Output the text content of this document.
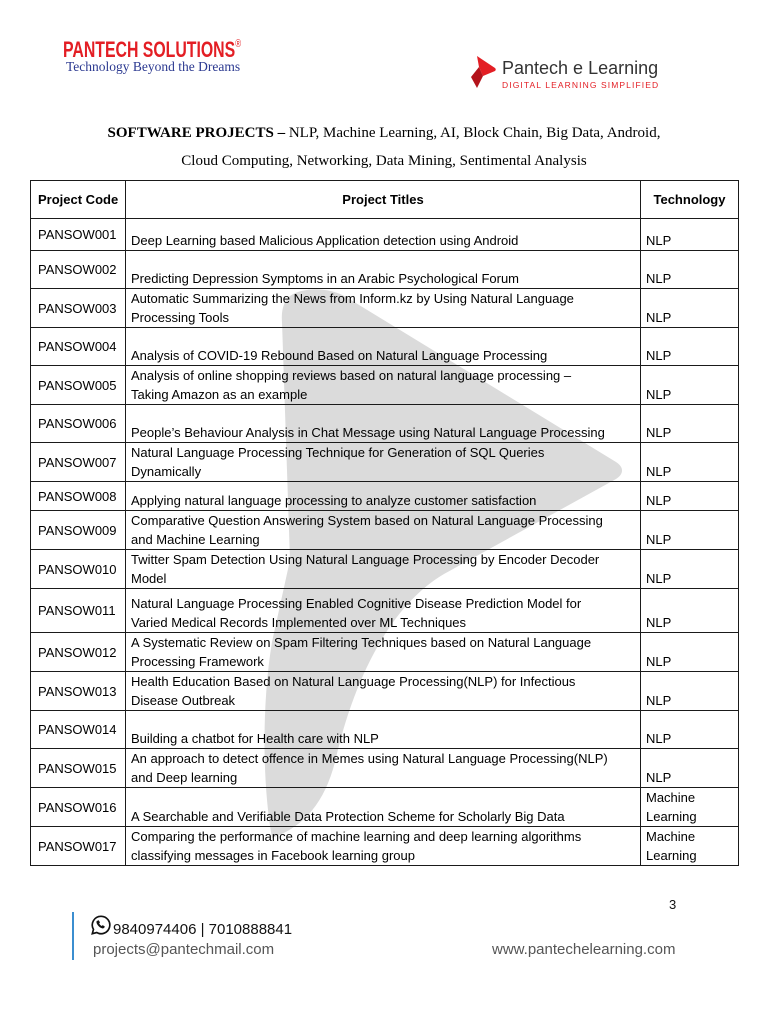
PANTECH SOLUTIONS®
Technology Beyond the Dreams	Pantech e Learning
DIGITAL LEARNING SIMPLIFIED
SOFTWARE PROJECTS – NLP, Machine Learning, AI, Block Chain, Big Data, Android,
Cloud Computing, Networking, Data Mining, Sentimental Analysis
Project Code	Project Titles	Technology
PANSOW001	Deep Learning based Malicious Application detection using Android	NLP
PANSOW002	Predicting Depression Symptoms in an Arabic Psychological Forum	NLP
PANSOW003	Automatic Summarizing the News from Inform.kz by Using Natural Language
Processing Tools	NLP
PANSOW004	Analysis of COVID-19 Rebound Based on Natural Language Processing	NLP
PANSOW005	Analysis of online shopping reviews based on natural language processing –
Taking Amazon as an example	NLP
PANSOW006	People’s Behaviour Analysis in Chat Message using Natural Language Processing	NLP
PANSOW007	Natural Language Processing Technique for Generation of SQL Queries
Dynamically	NLP
PANSOW008	Applying natural language processing to analyze customer satisfaction	NLP
PANSOW009	Comparative Question Answering System based on Natural Language Processing
and Machine Learning	NLP
PANSOW010	Twitter Spam Detection Using Natural Language Processing by Encoder Decoder
Model	NLP
PANSOW011	Natural Language Processing Enabled Cognitive Disease Prediction Model for
Varied Medical Records Implemented over ML Techniques	NLP
PANSOW012	A Systematic Review on Spam Filtering Techniques based on Natural Language
Processing Framework	NLP
PANSOW013	Health Education Based on Natural Language Processing(NLP) for Infectious
Disease Outbreak	NLP
PANSOW014	Building a chatbot for Health care with NLP	NLP
PANSOW015	An approach to detect offence in Memes using Natural Language Processing(NLP)
and Deep learning	NLP
PANSOW016	A Searchable and Verifiable Data Protection Scheme for Scholarly Big Data	Machine Learning
PANSOW017	Comparing the performance of machine learning and deep learning algorithms
classifying messages in Facebook learning group	Machine Learning
3
9840974406 | 7010888841
projects@pantechmail.com	www.pantechelearning.com
